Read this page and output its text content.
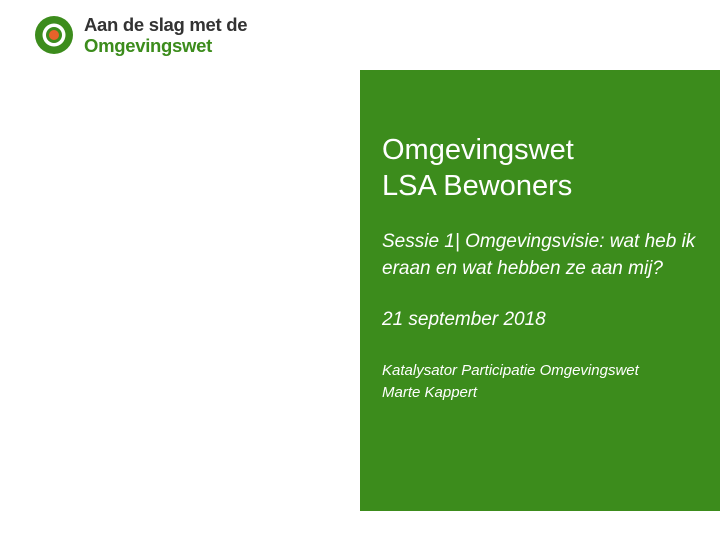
Aan de slag met de
Omgevingswet
Omgevingswet
LSA Bewoners
Sessie 1| Omgevingsvisie: wat heb ik eraan en wat hebben ze aan mij?
21 september 2018
Katalysator Participatie Omgevingswet
Marte Kappert
